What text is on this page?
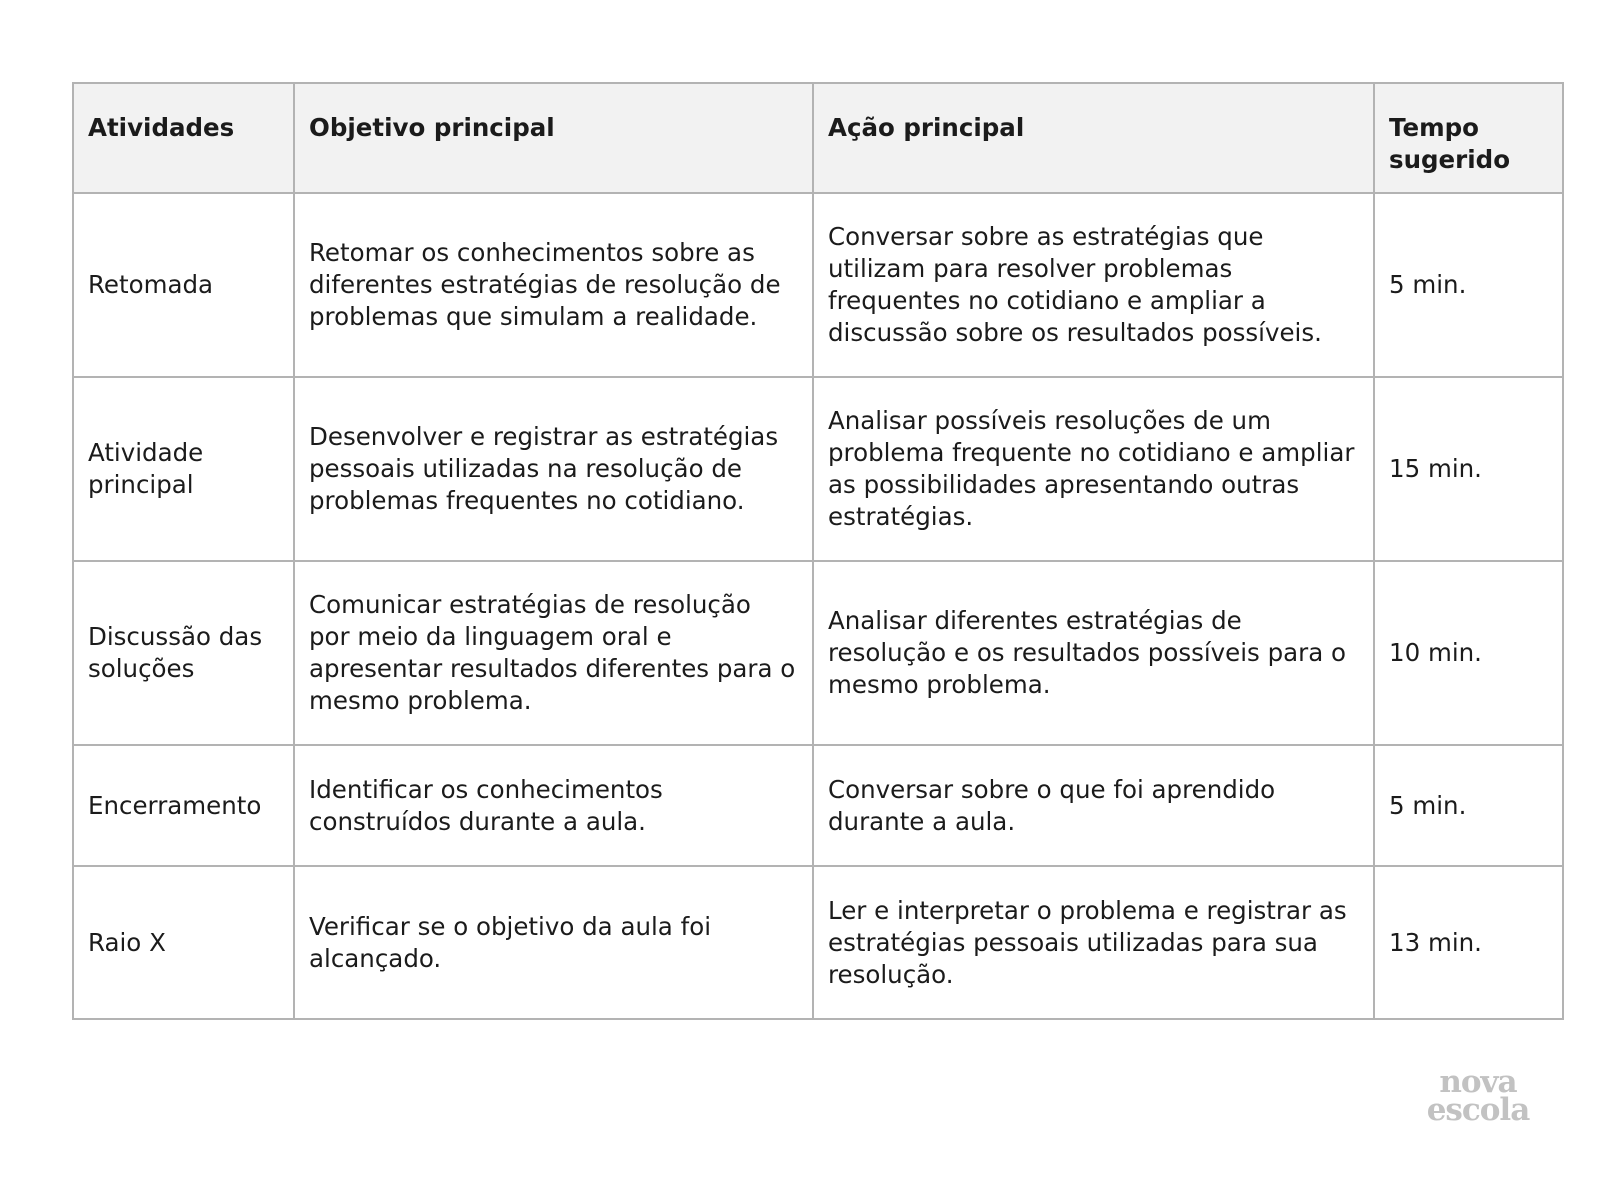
Atividades	Objetivo principal	Ação principal	Tempo sugerido
Retomada	Retomar os conhecimentos sobre as diferentes estratégias de resolução de problemas que simulam a realidade.	Conversar sobre as estratégias que utilizam para resolver problemas frequentes no cotidiano e ampliar a discussão sobre os resultados possíveis.	5 min.
Atividade principal	Desenvolver e registrar as estratégias pessoais utilizadas na resolução de problemas frequentes no cotidiano.	Analisar possíveis resoluções de um problema frequente no cotidiano e ampliar as possibilidades apresentando outras estratégias.	15 min.
Discussão das soluções	Comunicar estratégias de resolução por meio da linguagem oral e apresentar resultados diferentes para o mesmo problema.	Analisar diferentes estratégias de resolução e os resultados possíveis para o mesmo problema.	10 min.
Encerramento	Identificar os conhecimentos construídos durante a aula.	Conversar sobre o que foi aprendido durante a aula.	5 min.
Raio X	Verificar se o objetivo da aula foi alcançado.	Ler e interpretar o problema e registrar as estratégias pessoais utilizadas para sua resolução.	13 min.
nova
escola
